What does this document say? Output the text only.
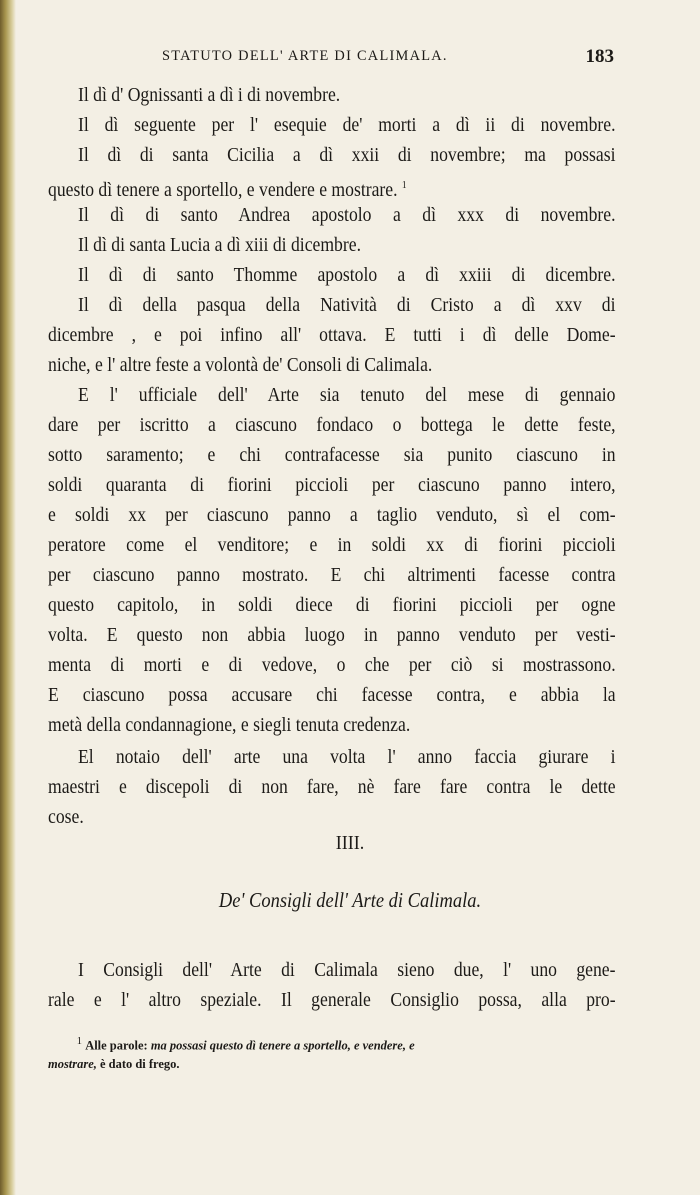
STATUTO DELL' ARTE DI CALIMALA.	183
Il dì d' Ognissanti a dì i di novembre.
Il dì seguente per l' esequie de' morti a dì ii di novembre.
Il dì di santa Cicilia a dì xxii di novembre; ma possasi
questo dì tenere a sportello, e vendere e mostrare. $^1$
Il dì di santo Andrea apostolo a dì xxx di novembre.
Il dì di santa Lucia a dì xiii di dicembre.
Il dì di santo Thomme apostolo a dì xxiii di dicembre.
Il dì della pasqua della Natività di Cristo a dì xxv di
dicembre , e poi infino all' ottava. E tutti i dì delle Dome-
niche, e l' altre feste a volontà de' Consoli di Calimala.
E l' ufficiale dell' Arte sia tenuto del mese di gennaio
dare per iscritto a ciascuno fondaco o bottega le dette feste,
sotto saramento; e chi contrafacesse sia punito ciascuno in
soldi quaranta di fiorini piccioli per ciascuno panno intero,
e soldi xx per ciascuno panno a taglio venduto, sì el com-
peratore come el venditore; e in soldi xx di fiorini piccioli
per ciascuno panno mostrato. E chi altrimenti facesse contra
questo capitolo, in soldi diece di fiorini piccioli per ogne
volta. E questo non abbia luogo in panno venduto per vesti-
menta di morti e di vedove, o che per ciò si mostrassono.
E ciascuno possa accusare chi facesse contra, e abbia la
metà della condannagione, e siegli tenuta credenza.
El notaio dell' arte una volta l' anno faccia giurare i
maestri e discepoli di non fare, nè fare fare contra le dette
cose.
IIII.
De' Consigli dell' Arte di Calimala.
I Consigli dell' Arte di Calimala sieno due, l' uno gene-
rale e l' altro speziale. Il generale Consiglio possa, alla pro-
$^1$ Alle parole: ma possasi questo dì tenere a sportello, e vendere, e
mostrare, è dato di frego.
